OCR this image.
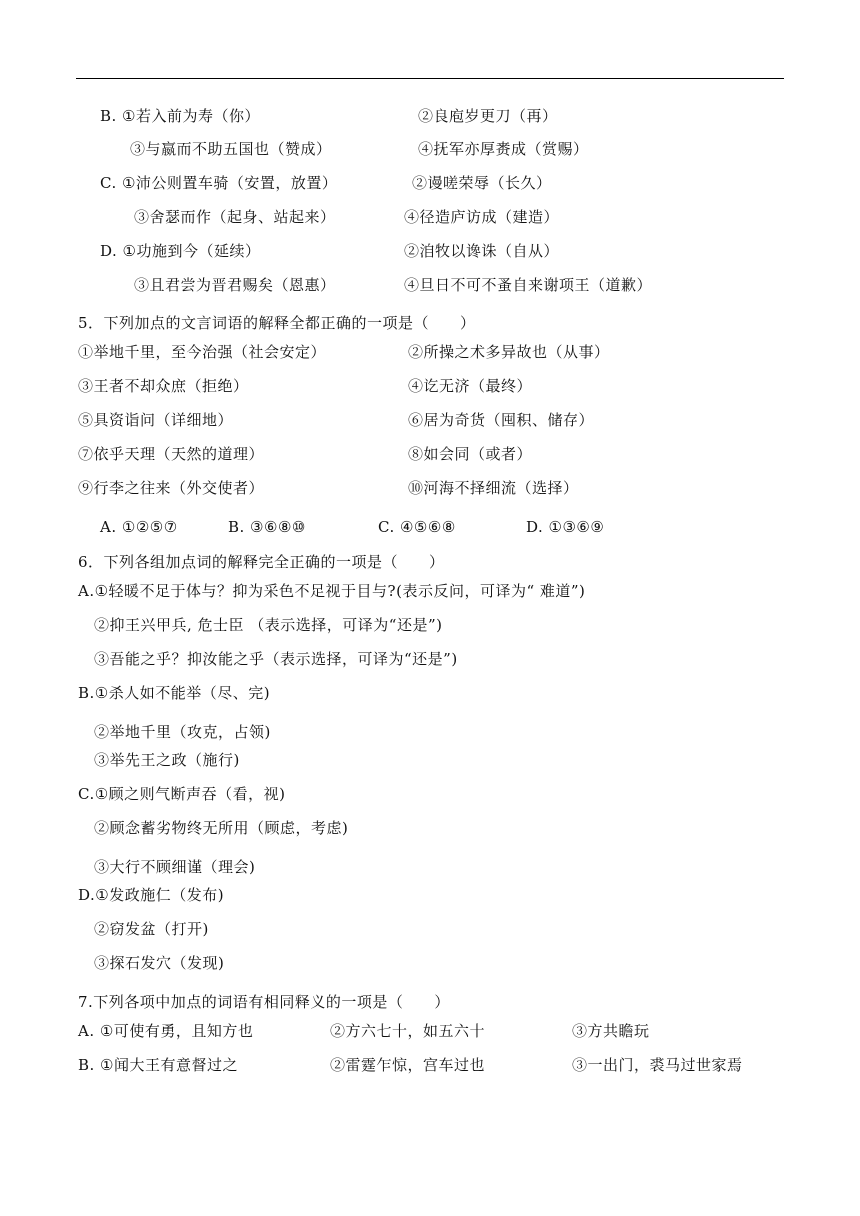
B. ①若入前为寿（你）	②良庖岁更刀（再）
③与嬴而不助五国也（赞成）	④抚军亦厚赉成（赏赐）
C. ①沛公则置车骑（安置，放置）	②谩嗟荣辱（长久）
③舍瑟而作（起身、站起来）	④径造庐访成（建造）
D. ①功施到今（延续）	②洎牧以谗诛（自从）
③且君尝为晋君赐矣（恩惠）	④旦日不可不蚤自来谢项王（道歉）
5．下列加点的文言词语的解释全都正确的一项是（　　）
①举地千里，至今治强（社会安定）	②所操之术多异故也（从事）
③王者不却众庶（拒绝）	④讫无济（最终）
⑤具资诣问（详细地）	⑥居为奇货（囤积、储存）
⑦依乎天理（天然的道理）	⑧如会同（或者）
⑨行李之往来（外交使者）	⑩河海不择细流（选择）
A. ①②⑤⑦	B. ③⑥⑧⑩	C. ④⑤⑥⑧	D. ①③⑥⑨
6．下列各组加点词的解释完全正确的一项是（　　）
A.①轻暖不足于体与？抑为采色不足视于目与?(表示反问，可译为“ 难道”)
②抑王兴甲兵, 危士臣 （表示选择，可译为“还是”)
③吾能之乎？抑汝能之乎（表示选择，可译为“还是”)
B.①杀人如不能举（尽、完)
②举地千里（攻克，占领)
③举先王之政（施行)
C.①顾之则气断声吞（看，视)
②顾念蓄劣物终无所用（顾虑，考虑)
③大行不顾细谨（理会)
D.①发政施仁（发布)
②窃发盆（打开)
③探石发穴（发现)
7.下列各项中加点的词语有相同释义的一项是（　　）
A. ①可使有勇，且知方也	②方六七十，如五六十	③方共瞻玩
B. ①闻大王有意督过之	②雷霆乍惊，宫车过也	③一出门，裘马过世家焉
